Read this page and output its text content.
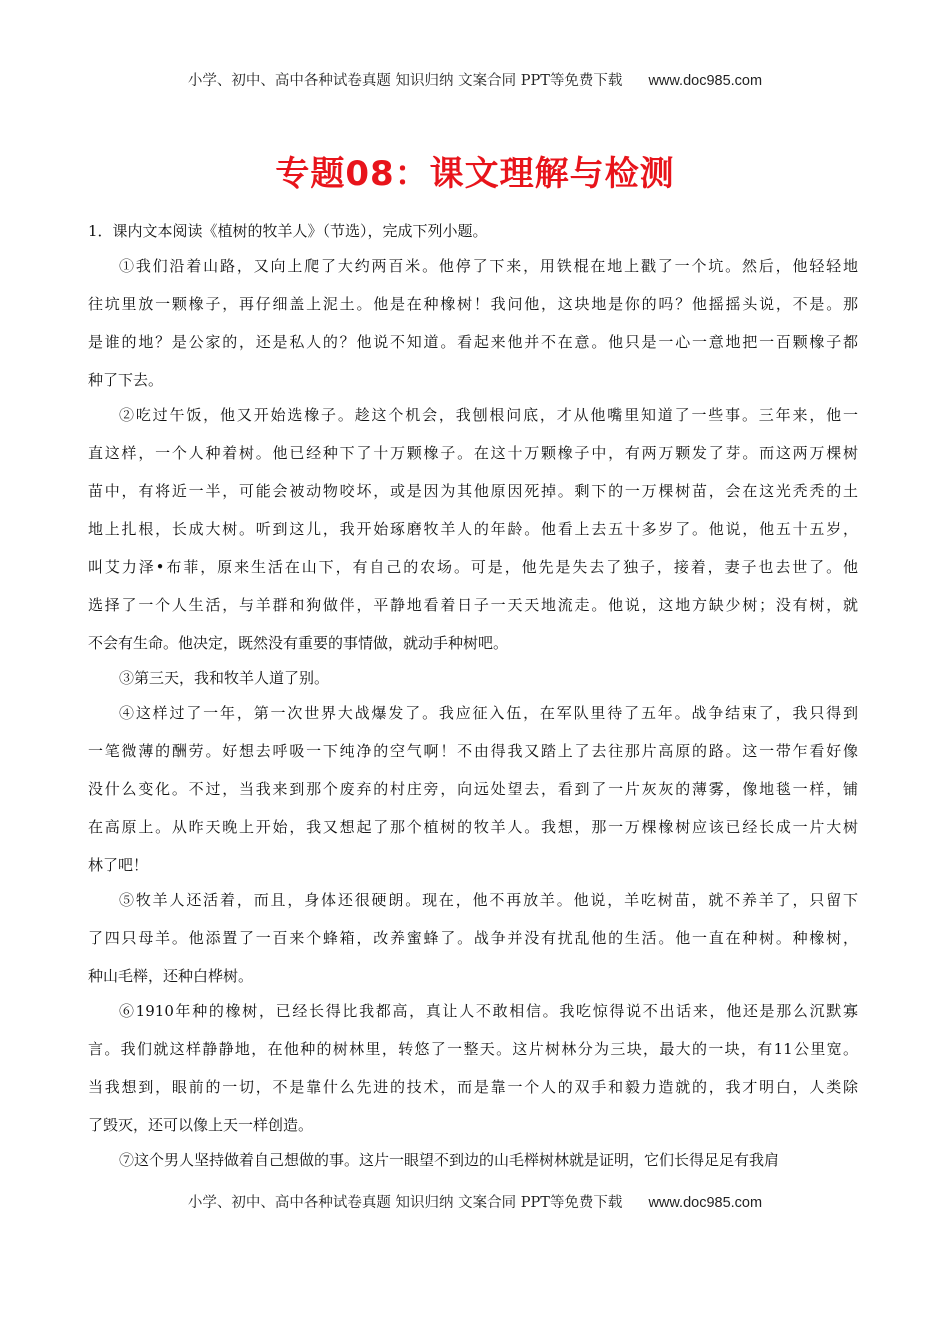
小学、初中、高中各种试卷真题 知识归纳 文案合同 PPT等免费下载 www.doc985.com
专题08：课文理解与检测
1．课内文本阅读《植树的牧羊人》（节选），完成下列小题。
①我们沿着山路，又向上爬了大约两百米。他停了下来，用铁棍在地上戳了一个坑。然后，他轻轻地
往坑里放一颗橡子，再仔细盖上泥土。他是在种橡树！我问他，这块地是你的吗？他摇摇头说，不是。那
是谁的地？是公家的，还是私人的？他说不知道。看起来他并不在意。他只是一心一意地把一百颗橡子都
种了下去。
②吃过午饭，他又开始选橡子。趁这个机会，我刨根问底，才从他嘴里知道了一些事。三年来，他一
直这样，一个人种着树。他已经种下了十万颗橡子。在这十万颗橡子中，有两万颗发了芽。而这两万棵树
苗中，有将近一半，可能会被动物咬坏，或是因为其他原因死掉。剩下的一万棵树苗，会在这光秃秃的土
地上扎根，长成大树。听到这儿，我开始琢磨牧羊人的年龄。他看上去五十多岁了。他说，他五十五岁，
叫艾力泽•布菲，原来生活在山下，有自己的农场。可是，他先是失去了独子，接着，妻子也去世了。他
选择了一个人生活，与羊群和狗做伴，平静地看着日子一天天地流走。他说，这地方缺少树；没有树，就
不会有生命。他决定，既然没有重要的事情做，就动手种树吧。
③第三天，我和牧羊人道了别。
④这样过了一年，第一次世界大战爆发了。我应征入伍，在军队里待了五年。战争结束了，我只得到
一笔微薄的酬劳。好想去呼吸一下纯净的空气啊！不由得我又踏上了去往那片高原的路。这一带乍看好像
没什么变化。不过，当我来到那个废弃的村庄旁，向远处望去，看到了一片灰灰的薄雾，像地毯一样，铺
在高原上。从昨天晚上开始，我又想起了那个植树的牧羊人。我想，那一万棵橡树应该已经长成一片大树
林了吧！
⑤牧羊人还活着，而且，身体还很硬朗。现在，他不再放羊。他说，羊吃树苗，就不养羊了，只留下
了四只母羊。他添置了一百来个蜂箱，改养蜜蜂了。战争并没有扰乱他的生活。他一直在种树。种橡树，
种山毛榉，还种白桦树。
⑥1910年种的橡树，已经长得比我都高，真让人不敢相信。我吃惊得说不出话来，他还是那么沉默寡
言。我们就这样静静地，在他种的树林里，转悠了一整天。这片树林分为三块，最大的一块，有11公里宽。
当我想到，眼前的一切，不是靠什么先进的技术，而是靠一个人的双手和毅力造就的，我才明白，人类除
了毁灭，还可以像上天一样创造。
⑦这个男人坚持做着自己想做的事。这片一眼望不到边的山毛榉树林就是证明，它们长得足足有我肩
小学、初中、高中各种试卷真题 知识归纳 文案合同 PPT等免费下载 www.doc985.com
